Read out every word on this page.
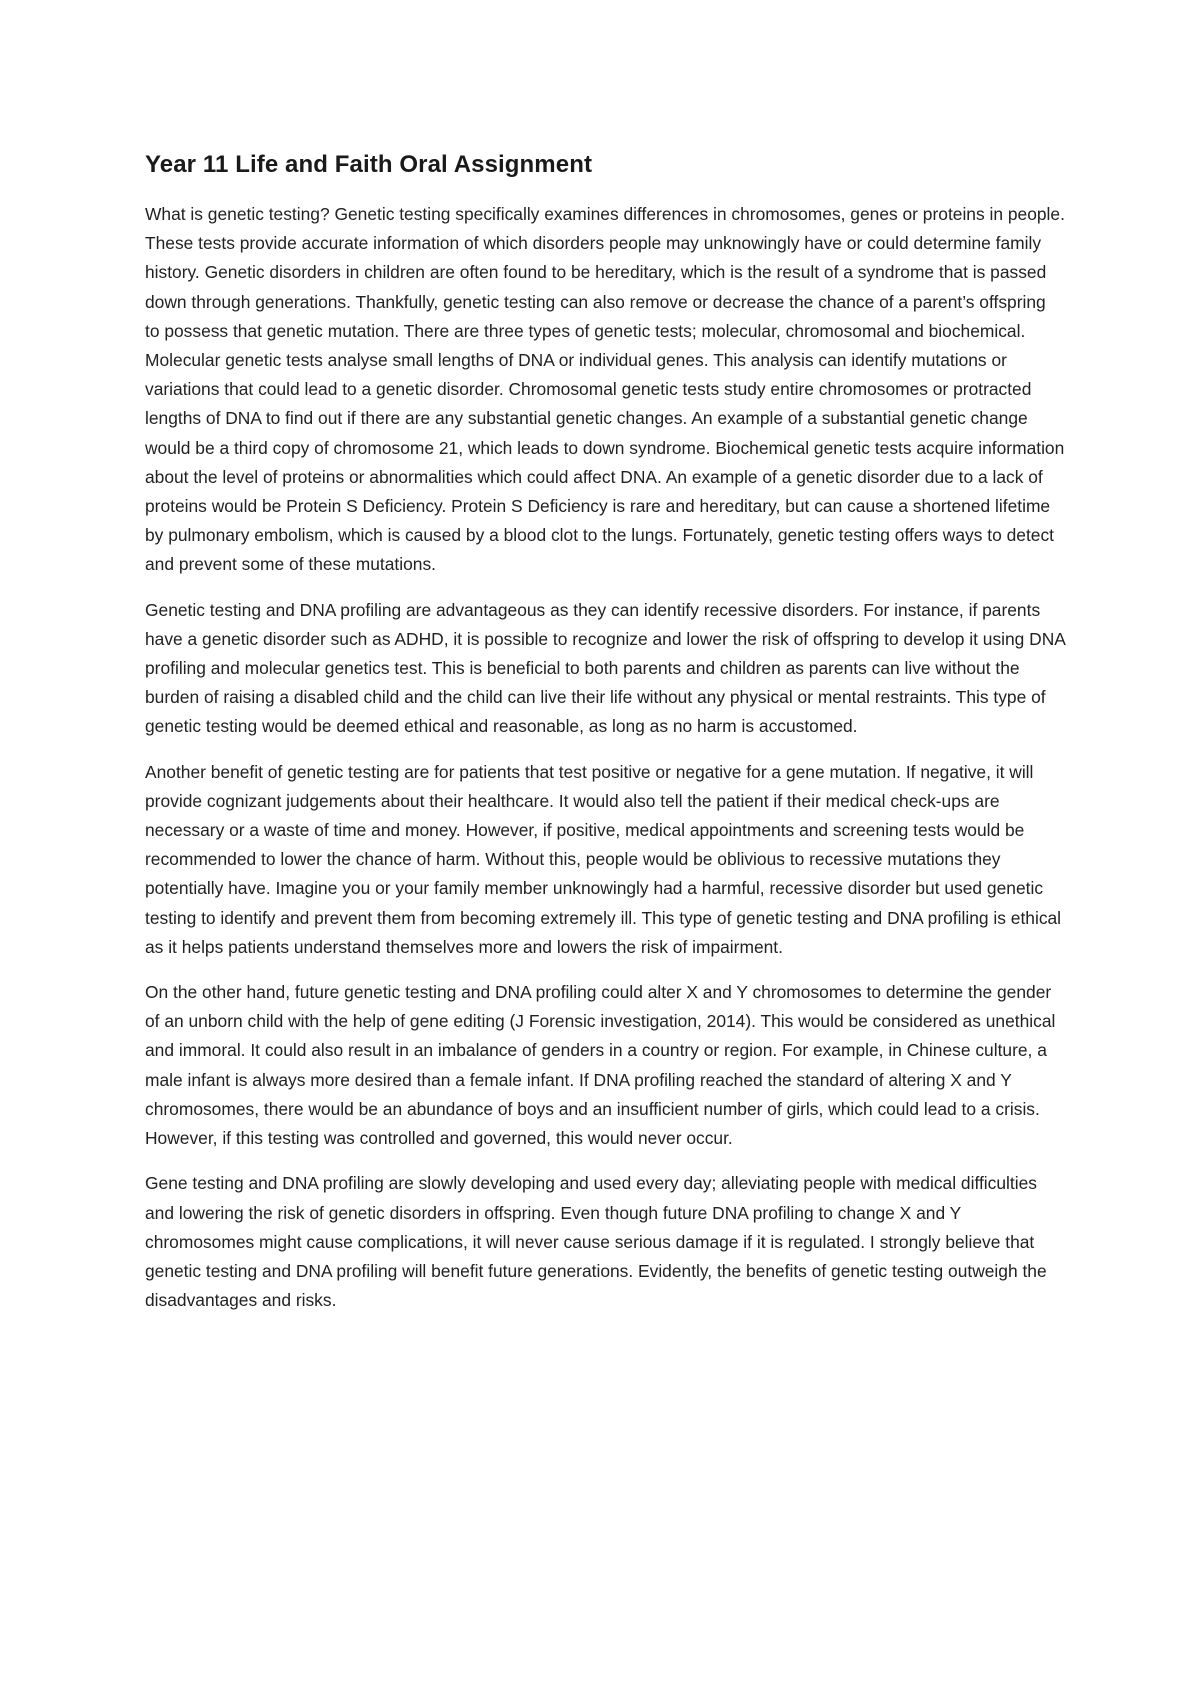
Year 11 Life and Faith Oral Assignment

What is genetic testing? Genetic testing specifically examines differences in chromosomes, genes or proteins in people. These tests provide accurate information of which disorders people may unknowingly have or could determine family history. Genetic disorders in children are often found to be hereditary, which is the result of a syndrome that is passed down through generations. Thankfully, genetic testing can also remove or decrease the chance of a parent’s offspring to possess that genetic mutation. There are three types of genetic tests; molecular, chromosomal and biochemical. Molecular genetic tests analyse small lengths of DNA or individual genes. This analysis can identify mutations or variations that could lead to a genetic disorder. Chromosomal genetic tests study entire chromosomes or protracted lengths of DNA to find out if there are any substantial genetic changes. An example of a substantial genetic change would be a third copy of chromosome 21, which leads to down syndrome. Biochemical genetic tests acquire information about the level of proteins or abnormalities which could affect DNA. An example of a genetic disorder due to a lack of proteins would be Protein S Deficiency. Protein S Deficiency is rare and hereditary, but can cause a shortened lifetime by pulmonary embolism, which is caused by a blood clot to the lungs. Fortunately, genetic testing offers ways to detect and prevent some of these mutations.

Genetic testing and DNA profiling are advantageous as they can identify recessive disorders. For instance, if parents have a genetic disorder such as ADHD, it is possible to recognize and lower the risk of offspring to develop it using DNA profiling and molecular genetics test. This is beneficial to both parents and children as parents can live without the burden of raising a disabled child and the child can live their life without any physical or mental restraints. This type of genetic testing would be deemed ethical and reasonable, as long as no harm is accustomed.

Another benefit of genetic testing are for patients that test positive or negative for a gene mutation. If negative, it will provide cognizant judgements about their healthcare. It would also tell the patient if their medical check-ups are necessary or a waste of time and money. However, if positive, medical appointments and screening tests would be recommended to lower the chance of harm. Without this, people would be oblivious to recessive mutations they potentially have. Imagine you or your family member unknowingly had a harmful, recessive disorder but used genetic testing to identify and prevent them from becoming extremely ill. This type of genetic testing and DNA profiling is ethical as it helps patients understand themselves more and lowers the risk of impairment.

On the other hand, future genetic testing and DNA profiling could alter X and Y chromosomes to determine the gender of an unborn child with the help of gene editing (J Forensic investigation, 2014). This would be considered as unethical and immoral. It could also result in an imbalance of genders in a country or region. For example, in Chinese culture, a male infant is always more desired than a female infant. If DNA profiling reached the standard of altering X and Y chromosomes, there would be an abundance of boys and an insufficient number of girls, which could lead to a crisis. However, if this testing was controlled and governed, this would never occur.

Gene testing and DNA profiling are slowly developing and used every day; alleviating people with medical difficulties and lowering the risk of genetic disorders in offspring. Even though future DNA profiling to change X and Y chromosomes might cause complications, it will never cause serious damage if it is regulated. I strongly believe that genetic testing and DNA profiling will benefit future generations. Evidently, the benefits of genetic testing outweigh the disadvantages and risks.
